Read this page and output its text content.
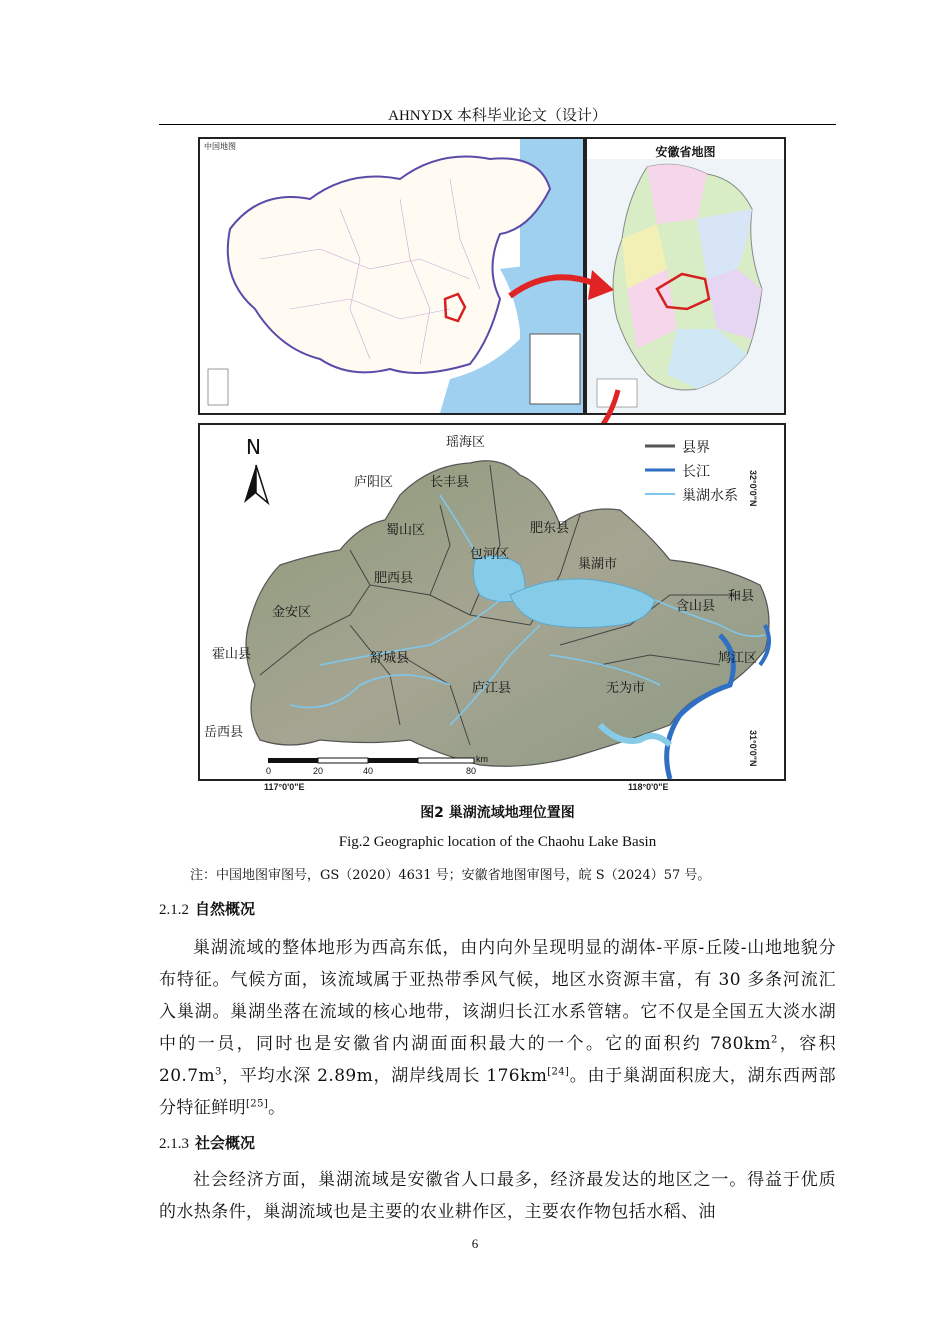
AHNYDX 本科毕业论文（设计）
中国地图	安徽省地图
N	瑶海区
庐阳区	长丰县
蜀山区	肥东县
包河区
巢湖市
肥西县
金安区	含山县
和县
霍山县	舒城县	鸠江区
庐江县	无为市
岳西县
县界
长江
巢湖水系
0	20	40	80
km
117°0'0"E	118°0'0"E
32°0'0"N
31°0'0"N
图2 巢湖流域地理位置图
Fig.2 Geographic location of the Chaohu Lake Basin
注：中国地图审图号，GS（2020）4631 号；安徽省地图审图号，皖 S（2024）57 号。
2.1.2 自然概况
巢湖流域的整体地形为西高东低，由内向外呈现明显的湖体-平原-丘陵-山地地貌分布特征。气候方面，该流域属于亚热带季风气候，地区水资源丰富，有 30 多条河流汇入巢湖。巢湖坐落在流域的核心地带，该湖归长江水系管辖。它不仅是全国五大淡水湖中的一员，同时也是安徽省内湖面面积最大的一个。它的面积约 $780km^2$，容积 $20.7m^3$，平均水深 2.89m，湖岸线周长 176km[24]。由于巢湖面积庞大，湖东西两部分特征鲜明[25]。
2.1.3 社会概况
社会经济方面，巢湖流域是安徽省人口最多，经济最发达的地区之一。得益于优质的水热条件，巢湖流域也是主要的农业耕作区，主要农作物包括水稻、油
6
